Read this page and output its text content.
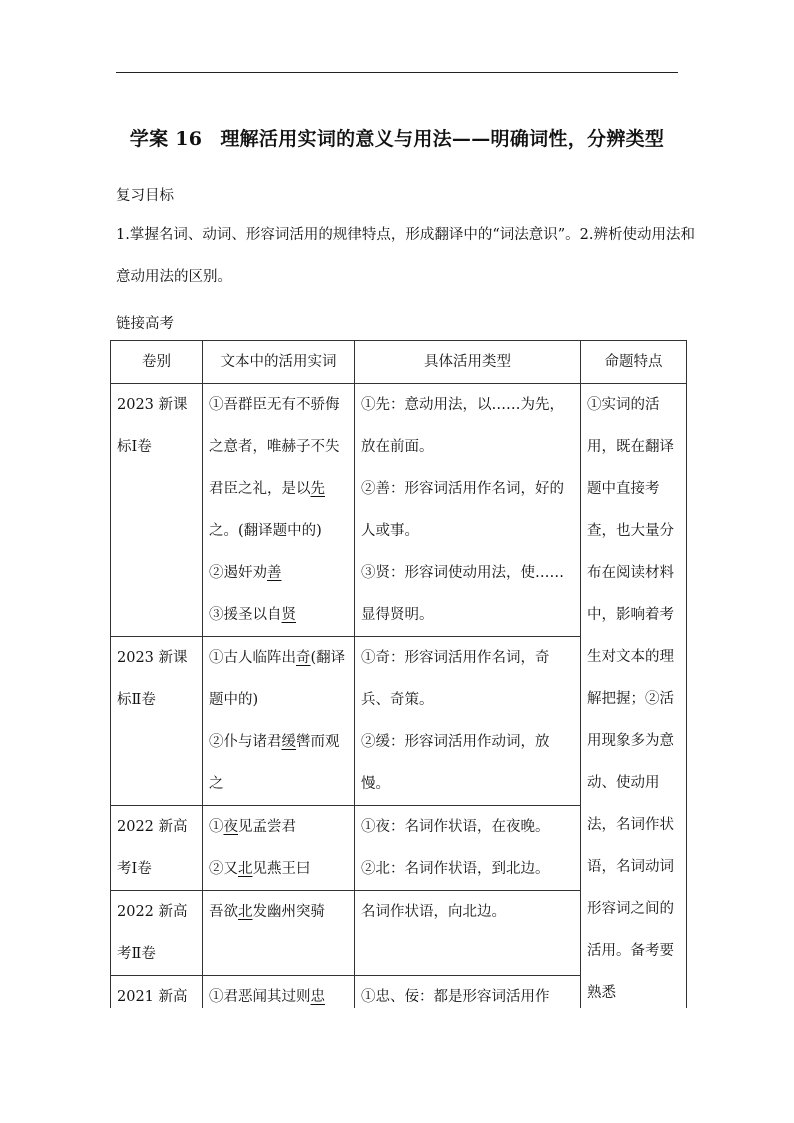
学案 16 理解活用实词的意义与用法——明确词性，分辨类型
复习目标
1.掌握名词、动词、形容词活用的规律特点，形成翻译中的“词法意识”。2.辨析使动用法和意动用法的区别。
链接高考
卷别	文本中的活用实词	具体活用类型	命题特点
2023 新课标Ⅰ卷	①吾群臣无有不骄侮之意者，唯赫子不失君臣之礼，是以先之。(翻译题中的)
②遏奸劝善
③援圣以自贤	①先：意动用法，以……为先，放在前面。
②善：形容词活用作名词，好的人或事。
③贤：形容词使动用法，使……显得贤明。	①实词的活用，既在翻译题中直接考查，也大量分布在阅读材料中，影响着考生对文本的理解把握；②活用现象多为意动、使动用法，名词作状语，名词动词形容词之间的活用。备考要熟悉
2023 新课标Ⅱ卷	①古人临阵出奇(翻译题中的)
②仆与诸君缓辔而观之	①奇：形容词活用作名词，奇兵、奇策。
②缓：形容词活用作动词，放慢。	

2022 新高考Ⅰ卷	①夜见孟尝君
②又北见燕王曰	①夜：名词作状语，在夜晚。
②北：名词作状语，到北边。	

2022 新高考Ⅱ卷	吾欲北发幽州突骑	名词作状语，向北边。	

2021 新高	①君恶闻其过则忠	①忠、佞：都是形容词活用作	
